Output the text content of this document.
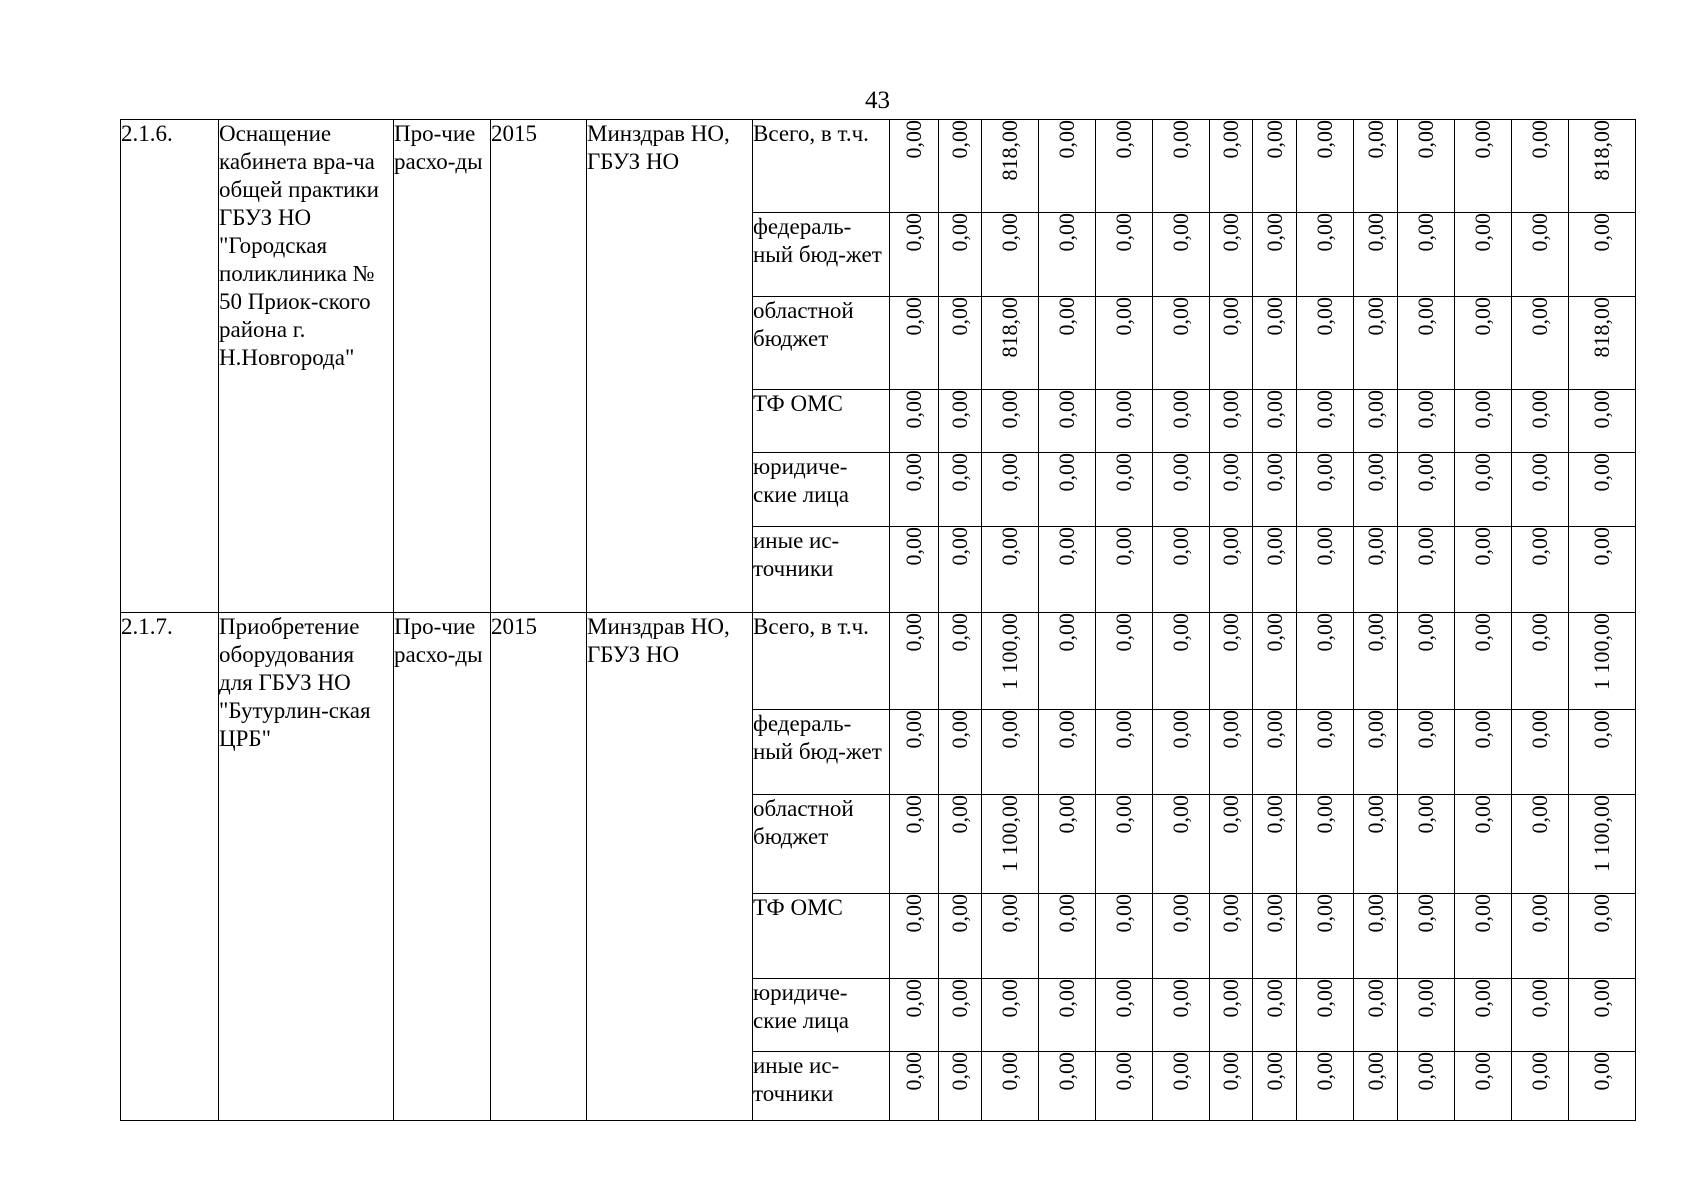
43
2.1.6.	Оснащение кабинета вра-ча общей практики ГБУЗ НО "Городская поликлиника № 50 Приок-ского района г. Н.Новгорода"	Про-чие расхо-ды	2015	Минздрав НО, ГБУЗ НО	Всего, в т.ч.	0,00	0,00	818,00	0,00	0,00	0,00	0,00	0,00	0,00	0,00	0,00	0,00	0,00	818,00
					федераль-ный бюд-жет	0,00	0,00	0,00	0,00	0,00	0,00	0,00	0,00	0,00	0,00	0,00	0,00	0,00	0,00
					областной бюджет	0,00	0,00	818,00	0,00	0,00	0,00	0,00	0,00	0,00	0,00	0,00	0,00	0,00	818,00
					ТФ ОМС	0,00	0,00	0,00	0,00	0,00	0,00	0,00	0,00	0,00	0,00	0,00	0,00	0,00	0,00
					юридиче-ские лица	0,00	0,00	0,00	0,00	0,00	0,00	0,00	0,00	0,00	0,00	0,00	0,00	0,00	0,00
					иные ис-точники	0,00	0,00	0,00	0,00	0,00	0,00	0,00	0,00	0,00	0,00	0,00	0,00	0,00	0,00
2.1.7.	Приобретение оборудования для ГБУЗ НО "Бутурлин-ская ЦРБ"	Про-чие расхо-ды	2015	Минздрав НО, ГБУЗ НО	Всего, в т.ч.	0,00	0,00	1 100,00	0,00	0,00	0,00	0,00	0,00	0,00	0,00	0,00	0,00	0,00	1 100,00
					федераль-ный бюд-жет	0,00	0,00	0,00	0,00	0,00	0,00	0,00	0,00	0,00	0,00	0,00	0,00	0,00	0,00
					областной бюджет	0,00	0,00	1 100,00	0,00	0,00	0,00	0,00	0,00	0,00	0,00	0,00	0,00	0,00	1 100,00
					ТФ ОМС	0,00	0,00	0,00	0,00	0,00	0,00	0,00	0,00	0,00	0,00	0,00	0,00	0,00	0,00
					юридиче-ские лица	0,00	0,00	0,00	0,00	0,00	0,00	0,00	0,00	0,00	0,00	0,00	0,00	0,00	0,00
					иные ис-точники	0,00	0,00	0,00	0,00	0,00	0,00	0,00	0,00	0,00	0,00	0,00	0,00	0,00	0,00
